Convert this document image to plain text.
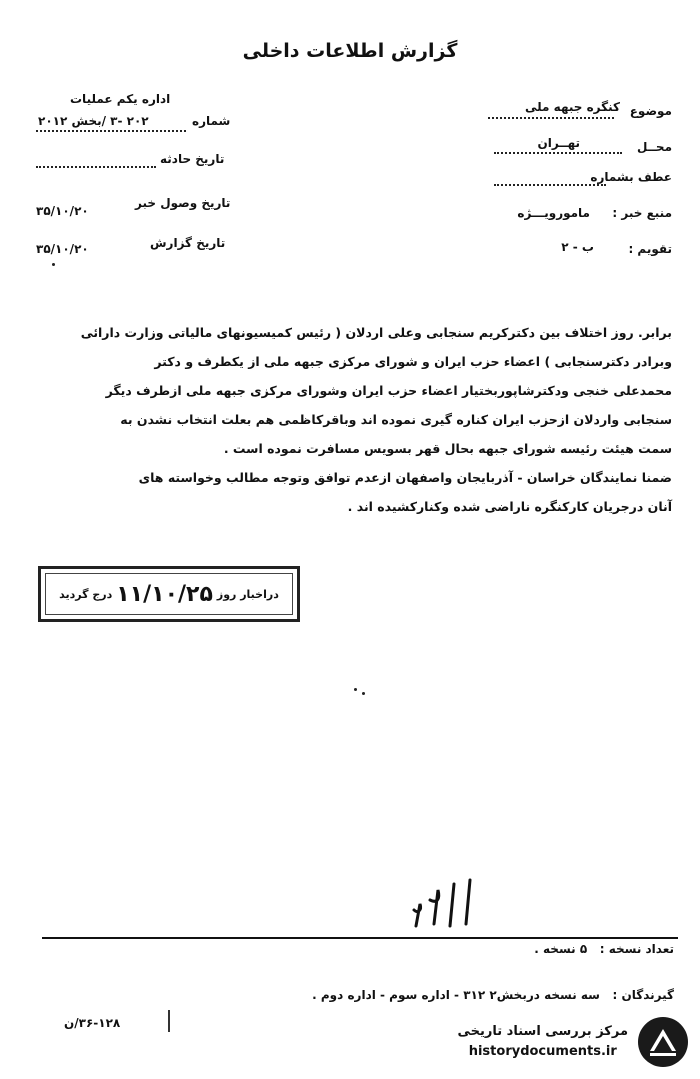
گزارش اطلاعات داخلی
اداره یکم عملیات
۲۰۲ -۳ /بخش ۲۰۱۲	شماره
تاریخ حادثه
تاریخ وصول خبر
۳۵/۱۰/۲۰
تاریخ گزارش
۳۵/۱۰/۲۰
موضوع
کنگره جبهه ملی
محــل
تهــران
عطف بشماره
منبع خبر :
مامورویـــژه
تقویم :
ب - ۲

برابر. روز اختلاف بین دکترکریم سنجابی وعلی اردلان ( رئیس کمیسیونهای مالیاتی وزارت دارائی

وبرادر دکترسنجابی ) اعضاء حزب ایران و شورای مرکزی جبهه ملی از یکطرف و دکتر

محمدعلی خنجی ودکترشاپوربختیار اعضاء حزب ایران وشورای مرکزی جبهه ملی ازطرف دیگر

سنجابی واردلان ازحزب ایران کناره گیری نموده اند وباقرکاظمی هم بعلت انتخاب نشدن به

سمت هیئت رئیسه شورای جبهه بحال قهر بسویس مسافرت نموده است .

ضمنا نمایندگان خراسان - آذربایجان واصفهان ازعدم توافق وتوجه مطالب وخواسته های

آنان درجریان کارکنگره ناراضی شده وکنارکشیده اند .

دراخبار روز
۱۱/۱۰/۲۵
درج گردید
تعداد نسخه :   ۵ نسخه .
گیرندگان :   سه نسخه دربخش۲ ۳۱۲ - اداره سوم - اداره دوم .
۳۶-۱۲۸/ن
مرکز بررسی اسناد تاریخی
historydocuments.ir
